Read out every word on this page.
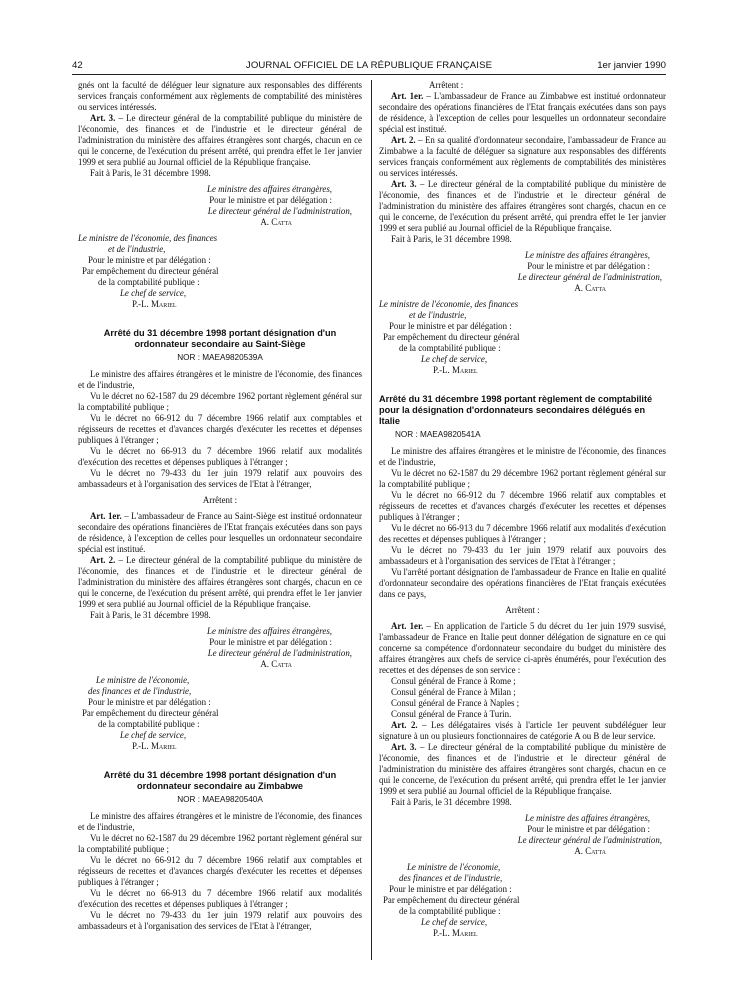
42	JOURNAL OFFICIEL DE LA RÉPUBLIQUE FRANÇAISE	1er janvier 1990

gnés ont la faculté de déléguer leur signature aux responsables des différents services français conformément aux règlements de comptabilité des ministères ou services intéressés.

Art. 3. – Le directeur général de la comptabilité publique du ministère de l'économie, des finances et de l'industrie et le directeur général de l'administration du ministère des affaires étrangères sont chargés, chacun en ce qui le concerne, de l'exécution du présent arrêté, qui prendra effet le 1er janvier 1999 et sera publié au Journal officiel de la République française.

Fait à Paris, le 31 décembre 1998.

Le ministre des affaires étrangères,

Pour le ministre et par délégation :

Le directeur général de l'administration,

A. Catta

Le ministre de l'économie, des finances

et de l'industrie,

Pour le ministre et par délégation :

Par empêchement du directeur général

de la comptabilité publique :

Le chef de service,

P.-L. Mariel

Arrêté du 31 décembre 1998 portant désignation d'un ordonnateur secondaire au Saint-Siège
NOR : MAEA9820539A

Le ministre des affaires étrangères et le ministre de l'économie, des finances et de l'industrie,

Vu le décret no 62-1587 du 29 décembre 1962 portant règlement général sur la comptabilité publique ;

Vu le décret no 66-912 du 7 décembre 1966 relatif aux comptables et régisseurs de recettes et d'avances chargés d'exécuter les recettes et dépenses publiques à l'étranger ;

Vu le décret no 66-913 du 7 décembre 1966 relatif aux modalités d'exécution des recettes et dépenses publiques à l'étranger ;

Vu le décret no 79-433 du 1er juin 1979 relatif aux pouvoirs des ambassadeurs et à l'organisation des services de l'Etat à l'étranger,

Arrêtent :

Art. 1er. – L'ambassadeur de France au Saint-Siège est institué ordonnateur secondaire des opérations financières de l'Etat français exécutées dans son pays de résidence, à l'exception de celles pour lesquelles un ordonnateur secondaire spécial est institué.

Art. 2. – Le directeur général de la comptabilité publique du ministère de l'économie, des finances et de l'industrie et le directeur général de l'administration du ministère des affaires étrangères sont chargés, chacun en ce qui le concerne, de l'exécution du présent arrêté, qui prendra effet le 1er janvier 1999 et sera publié au Journal officiel de la République française.

Fait à Paris, le 31 décembre 1998.

Le ministre des affaires étrangères,

Pour le ministre et par délégation :

Le directeur général de l'administration,

A. Catta

Le ministre de l'économie,

des finances et de l'industrie,

Pour le ministre et par délégation :

Par empêchement du directeur général

de la comptabilité publique :

Le chef de service,

P.-L. Mariel

Arrêté du 31 décembre 1998 portant désignation d'un ordonnateur secondaire au Zimbabwe
NOR : MAEA9820540A

Le ministre des affaires étrangères et le ministre de l'économie, des finances et de l'industrie,

Vu le décret no 62-1587 du 29 décembre 1962 portant règlement général sur la comptabilité publique ;

Vu le décret no 66-912 du 7 décembre 1966 relatif aux comptables et régisseurs de recettes et d'avances chargés d'exécuter les recettes et dépenses publiques à l'étranger ;

Vu le décret no 66-913 du 7 décembre 1966 relatif aux modalités d'exécution des recettes et dépenses publiques à l'étranger ;

Vu le décret no 79-433 du 1er juin 1979 relatif aux pouvoirs des ambassadeurs et à l'organisation des services de l'Etat à l'étranger,

Arrêtent :

Art. 1er. – L'ambassadeur de France au Zimbabwe est institué ordonnateur secondaire des opérations financières de l'Etat français exécutées dans son pays de résidence, à l'exception de celles pour lesquelles un ordonnateur secondaire spécial est institué.

Art. 2. – En sa qualité d'ordonnateur secondaire, l'ambassadeur de France au Zimbabwe a la faculté de déléguer sa signature aux responsables des différents services français conformément aux règlements de comptabilités des ministères ou services intéressés.

Art. 3. – Le directeur général de la comptabilité publique du ministère de l'économie, des finances et de l'industrie et le directeur général de l'administration du ministère des affaires étrangères sont chargés, chacun en ce qui le concerne, de l'exécution du présent arrêté, qui prendra effet le 1er janvier 1999 et sera publié au Journal officiel de la République française.

Fait à Paris, le 31 décembre 1998.

Le ministre des affaires étrangères,

Pour le ministre et par délégation :

Le directeur général de l'administration,

A. Catta

Le ministre de l'économie, des finances

et de l'industrie,

Pour le ministre et par délégation :

Par empêchement du directeur général

de la comptabilité publique :

Le chef de service,

P.-L. Mariel

Arrêté du 31 décembre 1998 portant règlement de comptabilité pour la désignation d'ordonnateurs secondaires délégués en Italie
NOR : MAEA9820541A

Le ministre des affaires étrangères et le ministre de l'économie, des finances et de l'industrie,

Vu le décret no 62-1587 du 29 décembre 1962 portant règlement général sur la comptabilité publique ;

Vu le décret no 66-912 du 7 décembre 1966 relatif aux comptables et régisseurs de recettes et d'avances chargés d'exécuter les recettes et dépenses publiques à l'étranger ;

Vu le décret no 66-913 du 7 décembre 1966 relatif aux modalités d'exécution des recettes et dépenses publiques à l'étranger ;

Vu le décret no 79-433 du 1er juin 1979 relatif aux pouvoirs des ambassadeurs et à l'organisation des services de l'Etat à l'étranger ;

Vu l'arrêté portant désignation de l'ambassadeur de France en Italie en qualité d'ordonnateur secondaire des opérations financières de l'Etat français exécutées dans ce pays,

Arrêtent :

Art. 1er. – En application de l'article 5 du décret du 1er juin 1979 susvisé, l'ambassadeur de France en Italie peut donner délégation de signature en ce qui concerne sa compétence d'ordonnateur secondaire du budget du ministère des affaires étrangères aux chefs de service ci-après énumérés, pour l'exécution des recettes et des dépenses de son service :

Consul général de France à Rome ;

Consul général de France à Milan ;

Consul général de France à Naples ;

Consul général de France à Turin.

Art. 2. – Les délégataires visés à l'article 1er peuvent subdéléguer leur signature à un ou plusieurs fonctionnaires de catégorie A ou B de leur service.

Art. 3. – Le directeur général de la comptabilité publique du ministère de l'économie, des finances et de l'industrie et le directeur général de l'administration du ministère des affaires étrangères sont chargés, chacun en ce qui le concerne, de l'exécution du présent arrêté, qui prendra effet le 1er janvier 1999 et sera publié au Journal officiel de la République française.

Fait à Paris, le 31 décembre 1998.

Le ministre des affaires étrangères,

Pour le ministre et par délégation :

Le directeur général de l'administration,

A. Catta

Le ministre de l'économie,

des finances et de l'industrie,

Pour le ministre et par délégation :

Par empêchement du directeur général

de la comptabilité publique :

Le chef de service,

P.-L. Mariel
